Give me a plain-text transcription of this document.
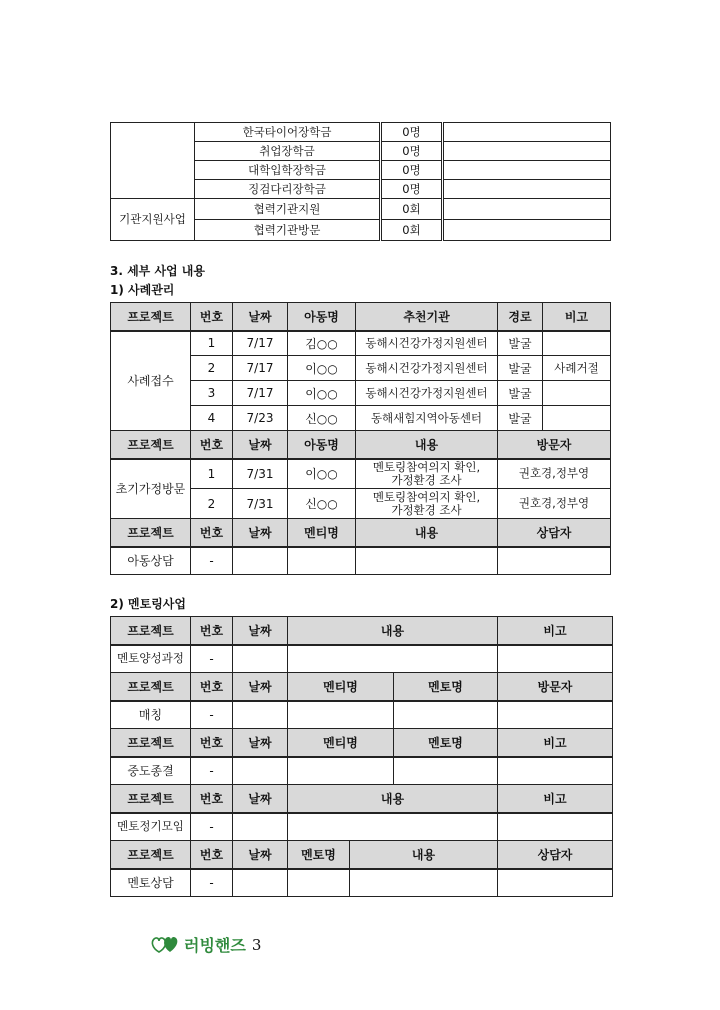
	한국타이어장학금	0명	
	취업장학금	0명	
	대학입학장학금	0명	
	징검다리장학금	0명	
기관지원사업	협력기관지원	0회	
	협력기관방문	0회	
3. 세부 사업 내용
1) 사례관리
프로젝트	번호	날짜	아동명	추천기관	경로	비고
사례접수	1	7/17	김○○	동해시건강가정지원센터	발굴	
	2	7/17	이○○	동해시건강가정지원센터	발굴	사례거절
	3	7/17	이○○	동해시건강가정지원센터	발굴	
	4	7/23	신○○	동해새힘지역아동센터	발굴	
프로젝트	번호	날짜	아동명	내용	방문자	
초기가정방문	1	7/31	이○○	멘토링참여의지 확인,
가정환경 조사	권호경,정부영	
	2	7/31	신○○	멘토링참여의지 확인,
가정환경 조사	권호경,정부영	
프로젝트	번호	날짜	멘티명	내용	상담자	
아동상담	-					
2) 멘토링사업
프로젝트	번호	날짜	내용			비고
멘토양성과정	-					
프로젝트	번호	날짜	멘티명		멘토명	방문자
매칭	-					
프로젝트	번호	날짜	멘티명		멘토명	비고
중도종결	-					
프로젝트	번호	날짜	내용			비고
멘토정기모임	-					
프로젝트	번호	날짜	멘토명	내용		상담자
멘토상담	-					
러빙핸즈 3
